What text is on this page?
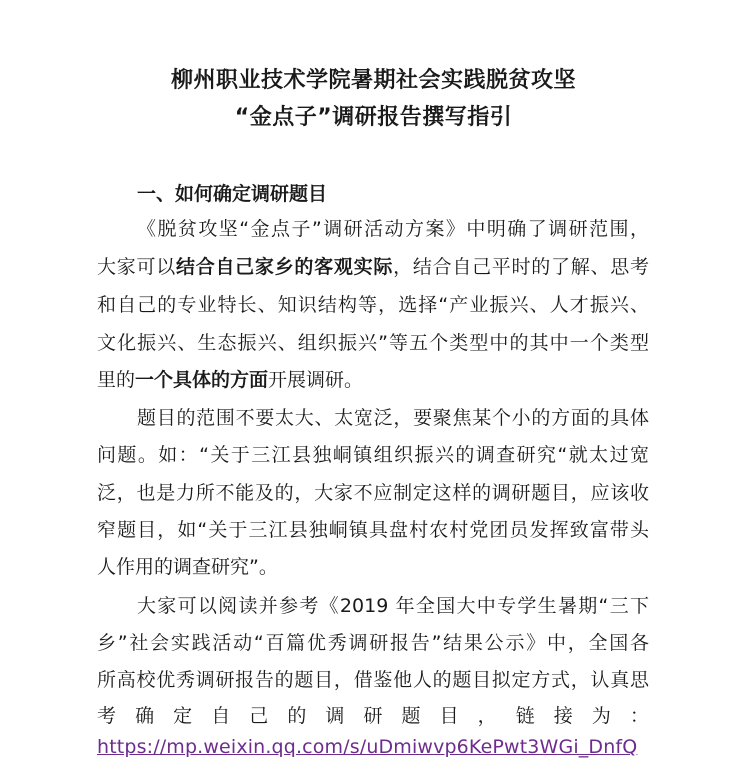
柳州职业技术学院暑期社会实践脱贫攻坚
“金点子”调研报告撰写指引
一、如何确定调研题目
《脱贫攻坚“金点子”调研活动方案》中明确了调研范围，
大家可以结合自己家乡的客观实际，结合自己平时的了解、思考
和自己的专业特长、知识结构等，选择“产业振兴、人才振兴、
文化振兴、生态振兴、组织振兴”等五个类型中的其中一个类型
里的一个具体的方面开展调研。
题目的范围不要太大、太宽泛，要聚焦某个小的方面的具体
问题。如：“关于三江县独峒镇组织振兴的调查研究“就太过宽
泛，也是力所不能及的，大家不应制定这样的调研题目，应该收
窄题目，如“关于三江县独峒镇具盘村农村党团员发挥致富带头
人作用的调查研究”。
大家可以阅读并参考《2019 年全国大中专学生暑期“三下
乡”社会实践活动“百篇优秀调研报告”结果公示》中，全国各
所高校优秀调研报告的题目，借鉴他人的题目拟定方式，认真思
考 确 定 自 己 的 调 研 题 目 ， 链 接 为 ：
https://mp.weixin.qq.com/s/uDmiwvp6KePwt3WGi_DnfQ
